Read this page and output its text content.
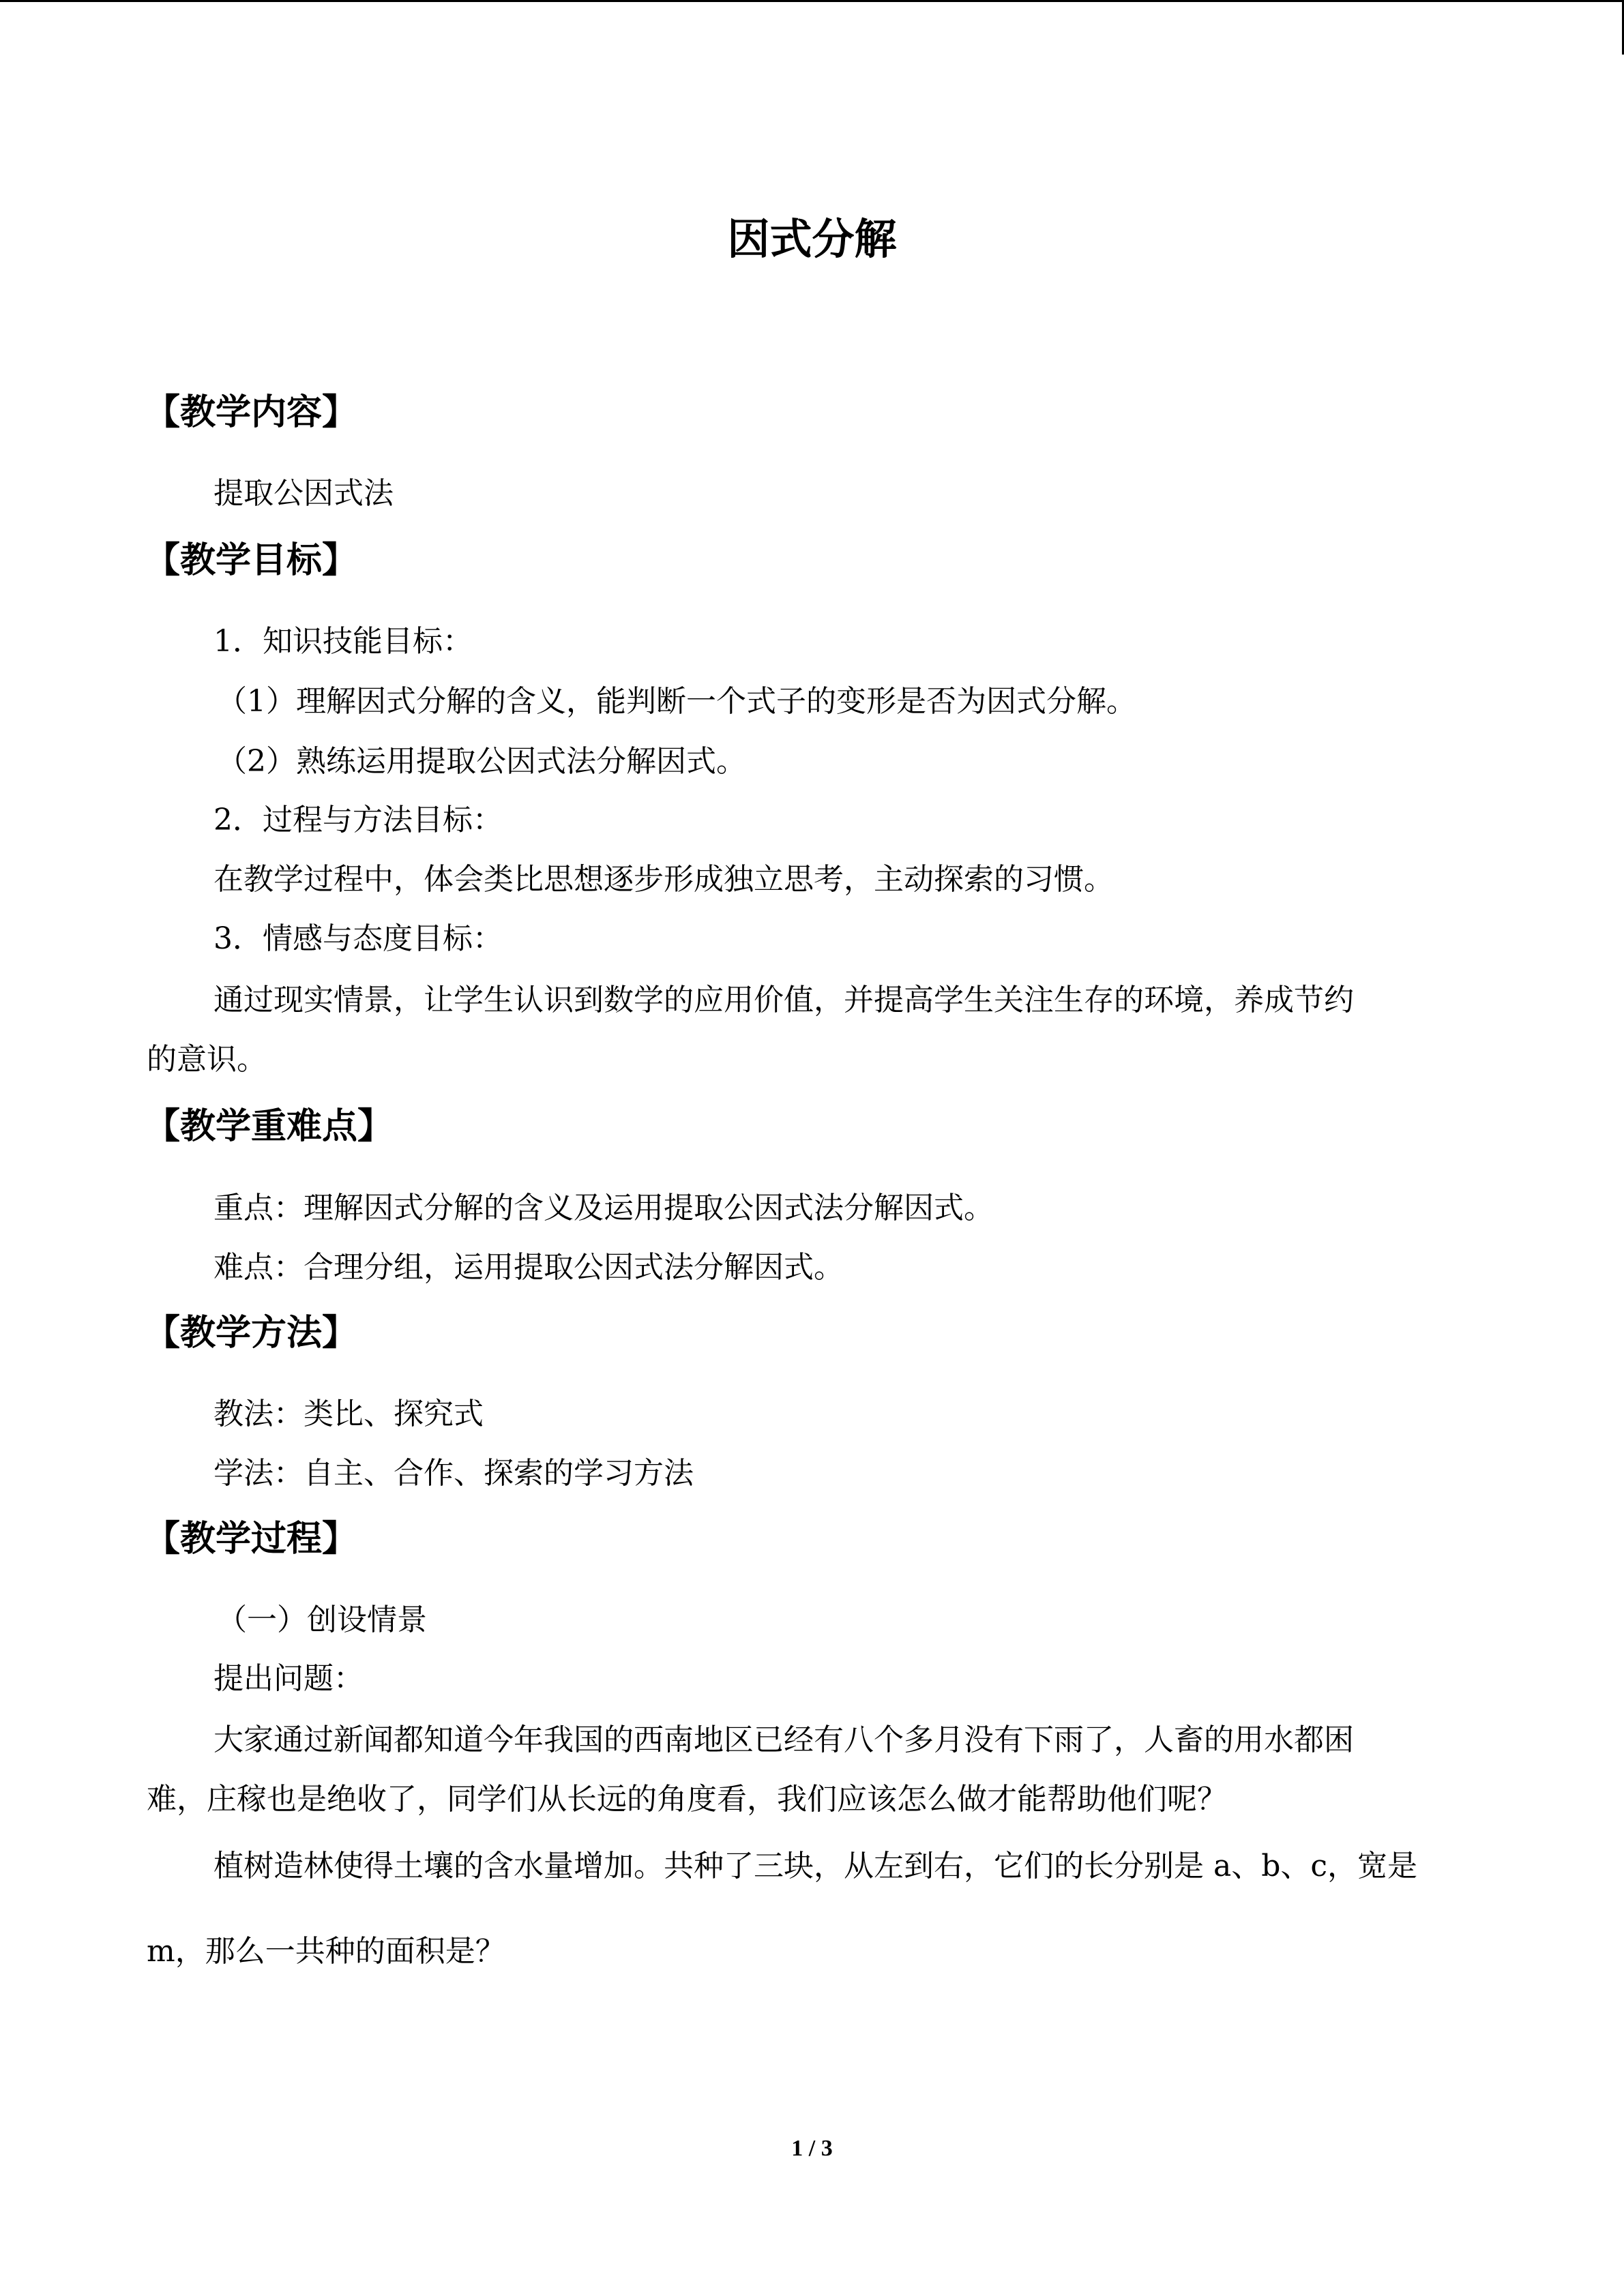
因式分解
【教学内容】
提取公因式法
【教学目标】
1．知识技能目标：
（1）理解因式分解的含义，能判断一个式子的变形是否为因式分解。
（2）熟练运用提取公因式法分解因式。
2．过程与方法目标：
在教学过程中，体会类比思想逐步形成独立思考，主动探索的习惯。
3．情感与态度目标：
通过现实情景，让学生认识到数学的应用价值，并提高学生关注生存的环境，养成节约
的意识。
【教学重难点】
重点：理解因式分解的含义及运用提取公因式法分解因式。
难点：合理分组，运用提取公因式法分解因式。
【教学方法】
教法：类比、探究式
学法：自主、合作、探索的学习方法
【教学过程】
（一）创设情景
提出问题：
大家通过新闻都知道今年我国的西南地区已经有八个多月没有下雨了，人畜的用水都困
难，庄稼也是绝收了，同学们从长远的角度看，我们应该怎么做才能帮助他们呢？
植树造林使得土壤的含水量增加。共种了三块，从左到右，它们的长分别是 a、b、c，宽是
m，那么一共种的面积是？
1 / 3
